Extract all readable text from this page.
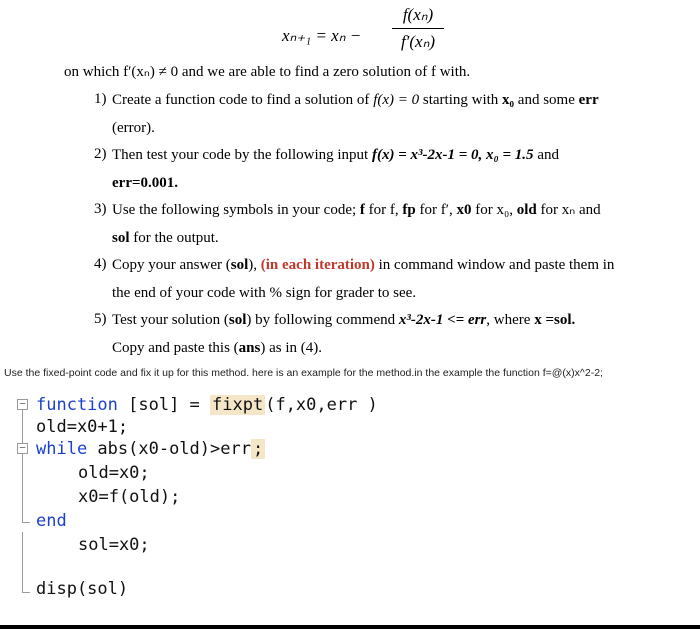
xₙ₊₁ = xₙ −
f(xₙ)
f′(xₙ)
on which f′(xₙ) ≠ 0 and we are able to find a zero solution of f with.
1) Create a function code to find a solution of f(x) = 0 starting with x₀ and some err
(error).
2) Then test your code by the following input f(x) = x³-2x-1 = 0, x₀ = 1.5 and
err=0.001.
3) Use the following symbols in your code; f for f, fp for f′, x0 for x₀, old for xₙ and
sol for the output.
4) Copy your answer (sol), (in each iteration) in command window and paste them in
the end of your code with % sign for grader to see.
5) Test your solution (sol) by following commend x³-2x-1 <= err, where x =sol.
Copy and paste this (ans) as in (4).
Use the fixed-point code and fix it up for this method. here is an example for the method.in the example the function f=@(x)x^2-2;
−
−
function [sol] = fixpt (f,x0,err )
old=x0+1;
while abs(x0-old)>err ;
old=x0;
x0=f(old);
end
sol=x0;
disp(sol)
